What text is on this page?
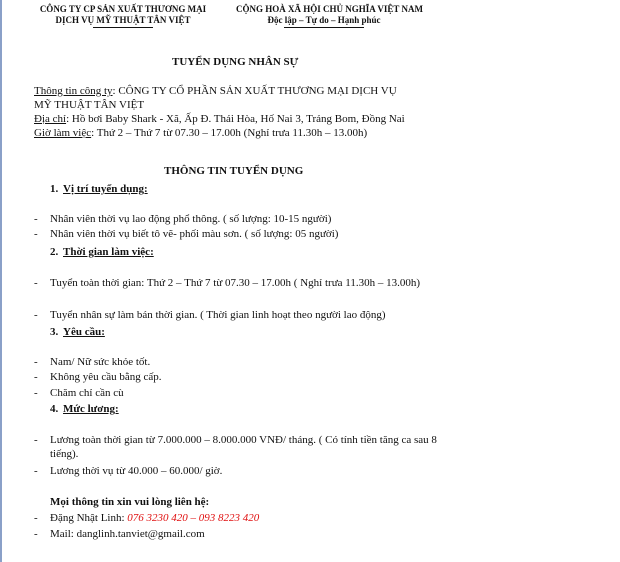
CÔNG TY CP SẢN XUẤT THƯƠNG MẠI
DỊCH VỤ MỸ THUẬT TÂN VIỆT
CỘNG HOÀ XÃ HỘI CHỦ NGHĨA VIỆT NAM
Độc lập – Tự do – Hạnh phúc
TUYỂN DỤNG NHÂN SỰ
Thông tin công ty: CÔNG TY CỔ PHẦN SẢN XUẤT THƯƠNG MẠI DỊCH VỤ
MỸ THUẬT TÂN VIỆT
Địa chỉ: Hồ bơi Baby Shark - Xã, Ấp Đ. Thái Hòa, Hố Nai 3, Trảng Bom, Đồng Nai
Giờ làm việc: Thứ 2 – Thứ 7 từ 07.30 – 17.00h (Nghỉ trưa 11.30h – 13.00h)
THÔNG TIN TUYỂN DỤNG
1. Vị trí tuyển dụng:
- Nhân viên thời vụ lao động phổ thông. ( số lượng: 10-15 người)
- Nhân viên thời vụ biết tô vẽ- phối màu sơn. ( số lượng: 05 người)
2. Thời gian làm việc:
-	Tuyển toàn thời gian: Thứ 2 – Thứ 7 từ 07.30 – 17.00h ( Nghỉ trưa 11.30h – 13.00h)
- Tuyển nhân sự làm bán thời gian. ( Thời gian linh hoạt theo người lao động)
3. Yêu cầu:
- Nam/ Nữ sức khỏe tốt.
- Không yêu cầu bằng cấp.
- Chăm chỉ cần cù
4. Mức lương:
-	Lương toàn thời gian từ 7.000.000 – 8.000.000 VNĐ/ tháng. ( Có tính tiền tăng ca sau 8 tiếng).
- Lương thời vụ từ 40.000 – 60.000/ giờ.
Mọi thông tin xin vui lòng liên hệ:
- Đặng Nhật Linh: 076 3230 420 – 093 8223 420
- Mail: danglinh.tanviet@gmail.com
